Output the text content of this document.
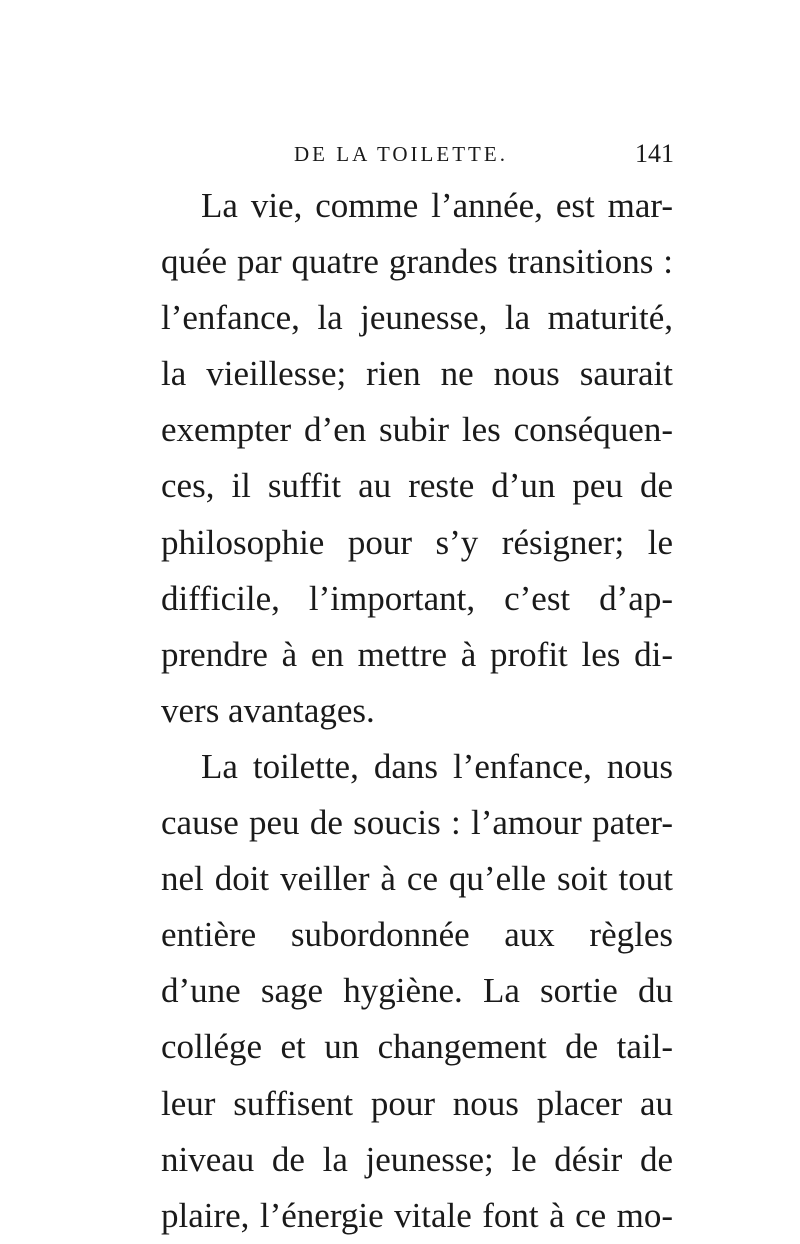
DE LA TOILETTE.	141
La vie, comme l’année, est mar-
quée par quatre grandes transitions :
l’enfance, la jeunesse, la maturité,
la vieillesse; rien ne nous saurait
exempter d’en subir les conséquen-
ces, il suffit au reste d’un peu de
philosophie pour s’y résigner; le
difficile, l’important, c’est d’ap-
prendre à en mettre à profit les di-
vers avantages.
La toilette, dans l’enfance, nous
cause peu de soucis : l’amour pater-
nel doit veiller à ce qu’elle soit tout
entière subordonnée aux règles
d’une sage hygiène. La sortie du
collége et un changement de tail-
leur suffisent pour nous placer au
niveau de la jeunesse; le désir de
plaire, l’énergie vitale font à ce mo-
